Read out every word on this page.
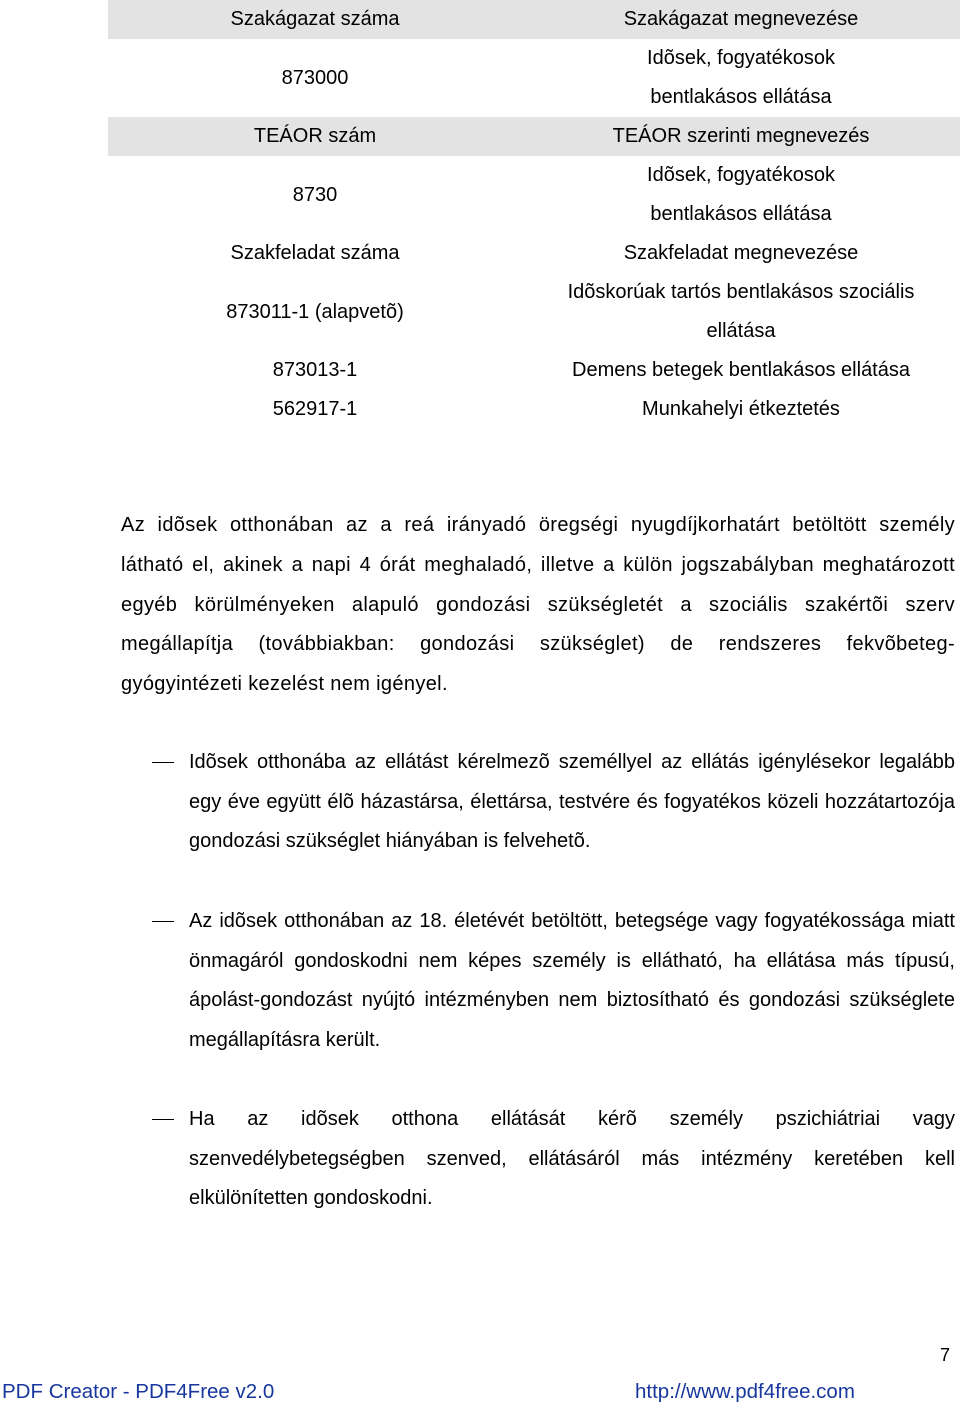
Szakágazat száma	Szakágazat megnevezése

873000	Idõsek, fogyatékosok
bentlakásos ellátása

TEÁOR szám	TEÁOR szerinti megnevezés

8730	Idõsek, fogyatékosok
bentlakásos ellátása

Szakfeladat száma	Szakfeladat megnevezése

873011-1 (alapvetõ)	Idõskorúak tartós bentlakásos szociális
ellátása

873013-1	Demens betegek bentlakásos ellátása

562917-1	Munkahelyi étkeztetés
Az idõsek otthonában az a reá irányadó öregségi nyugdíjkorhatárt betöltött személy látható el, akinek a napi 4 órát meghaladó, illetve a külön jogszabályban meghatározott egyéb körülményeken alapuló gondozási szükségletét a szociális szakértõi szerv megállapítja (továbbiakban: gondozási szükséglet) de rendszeres fekvõbeteg-gyógyintézeti kezelést nem igényel.
Idõsek otthonába az ellátást kérelmezõ személlyel az ellátás igénylésekor legalább egy éve együtt élõ házastársa, élettársa, testvére és fogyatékos közeli hozzátartozója gondozási szükséglet hiányában is felvehetõ.
Az idõsek otthonában az 18. életévét betöltött, betegsége vagy fogyatékossága miatt önmagáról gondoskodni nem képes személy is ellátható, ha ellátása más típusú, ápolást-gondozást nyújtó intézményben nem biztosítható és gondozási szükséglete megállapításra került.
Ha az idõsek otthona ellátását kérõ személy pszichiátriai vagy szenvedélybetegségben szenved, ellátásáról más intézmény keretében kell elkülönítetten gondoskodni.
7
PDF Creator - PDF4Free v2.0	http://www.pdf4free.com
